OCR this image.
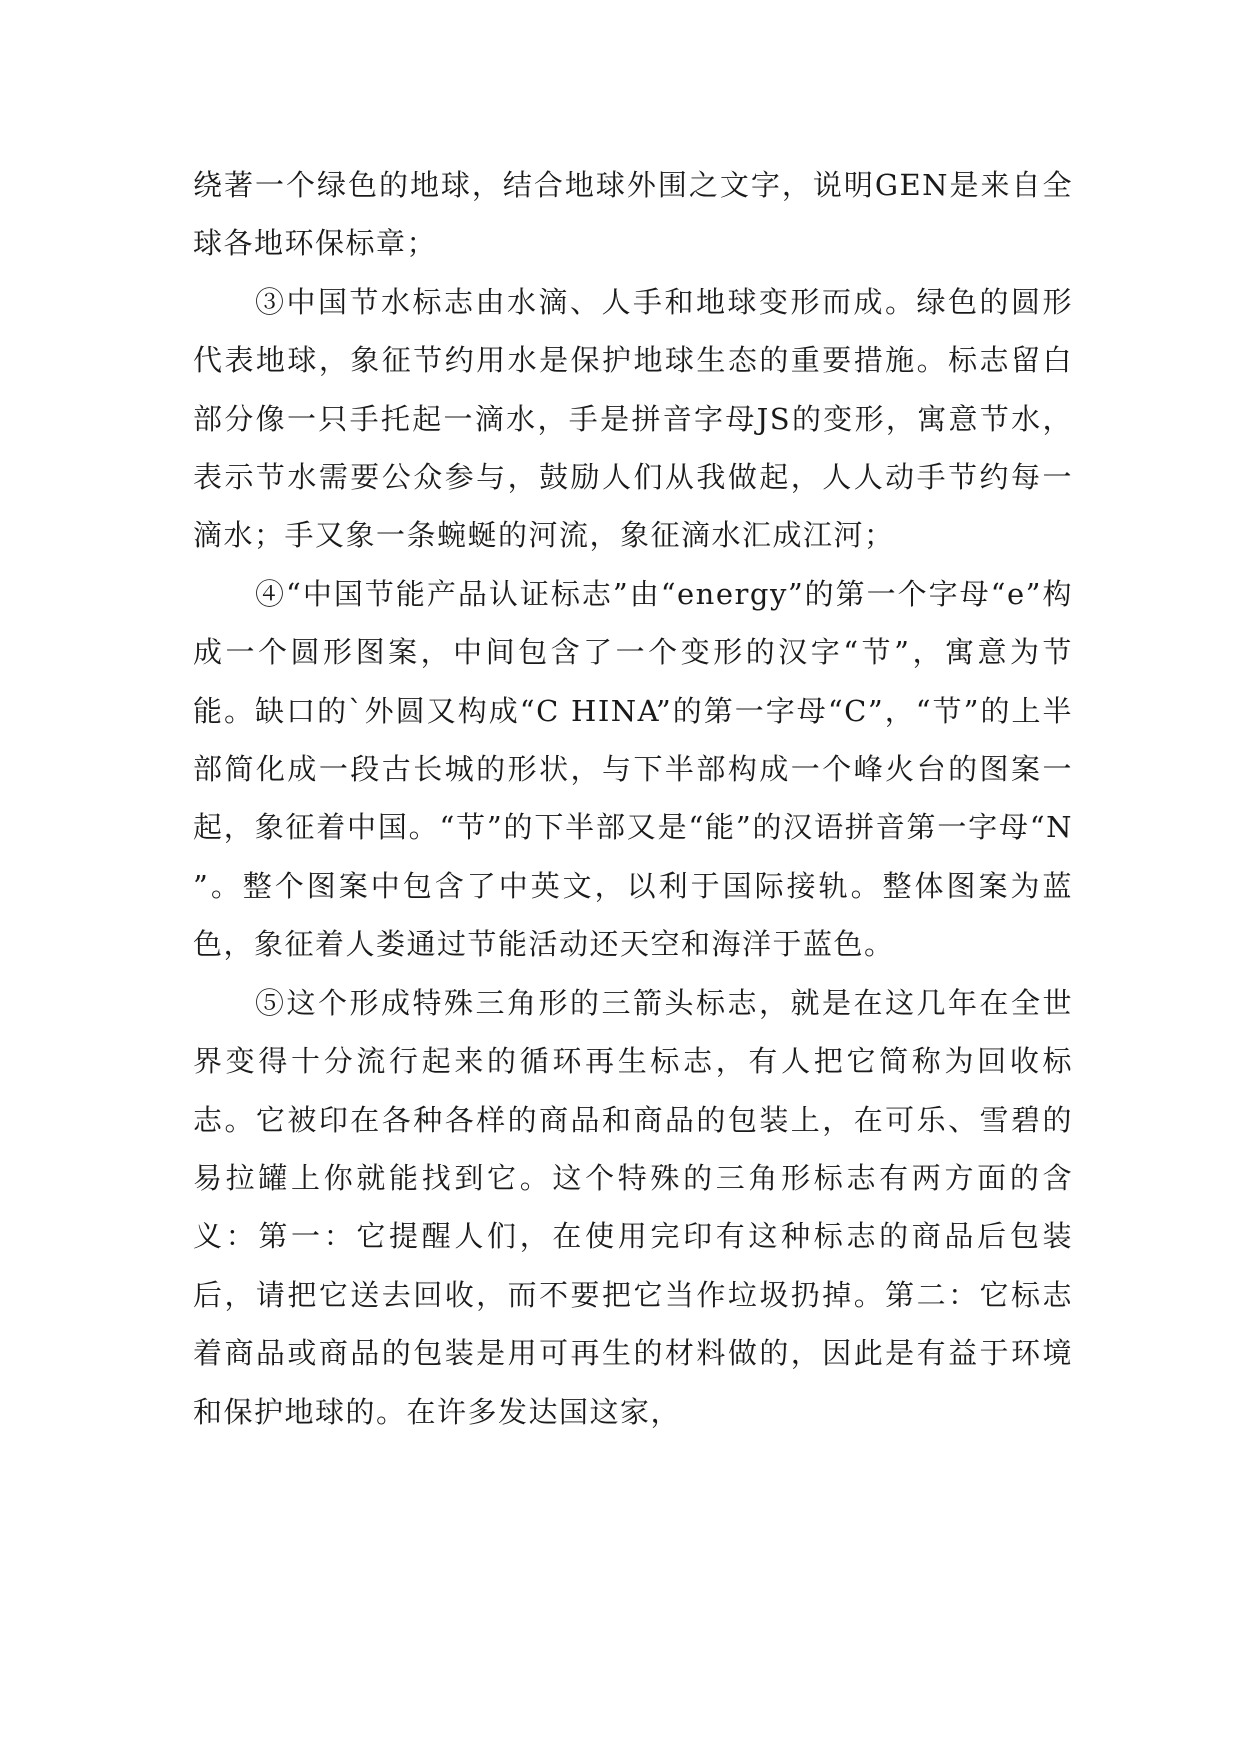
绕著一个绿色的地球，结合地球外围之文字，说明GEN是来自全球各地环保标章；

③中国节水标志由水滴、人手和地球变形而成。绿色的圆形代表地球，象征节约用水是保护地球生态的重要措施。标志留白部分像一只手托起一滴水，手是拼音字母JS的变形，寓意节水，表示节水需要公众参与，鼓励人们从我做起，人人动手节约每一滴水；手又象一条蜿蜒的河流，象征滴水汇成江河；

④“中国节能产品认证标志”由“energy”的第一个字母“e”构成一个圆形图案，中间包含了一个变形的汉字“节”，寓意为节能。缺口的`外圆又构成“C HINA”的第一字母“C”，“节”的上半部简化成一段古长城的形状，与下半部构成一个峰火台的图案一起，象征着中国。“节”的下半部又是“能”的汉语拼音第一字母“N ”。整个图案中包含了中英文，以利于国际接轨。整体图案为蓝色，象征着人娄通过节能活动还天空和海洋于蓝色。

⑤这个形成特殊三角形的三箭头标志，就是在这几年在全世界变得十分流行起来的循环再生标志，有人把它简称为回收标志。它被印在各种各样的商品和商品的包装上，在可乐、雪碧的易拉罐上你就能找到它。这个特殊的三角形标志有两方面的含义：第一：它提醒人们，在使用完印有这种标志的商品后包装后，请把它送去回收，而不要把它当作垃圾扔掉。第二：它标志着商品或商品的包装是用可再生的材料做的，因此是有益于环境和保护地球的。在许多发达国这家，
